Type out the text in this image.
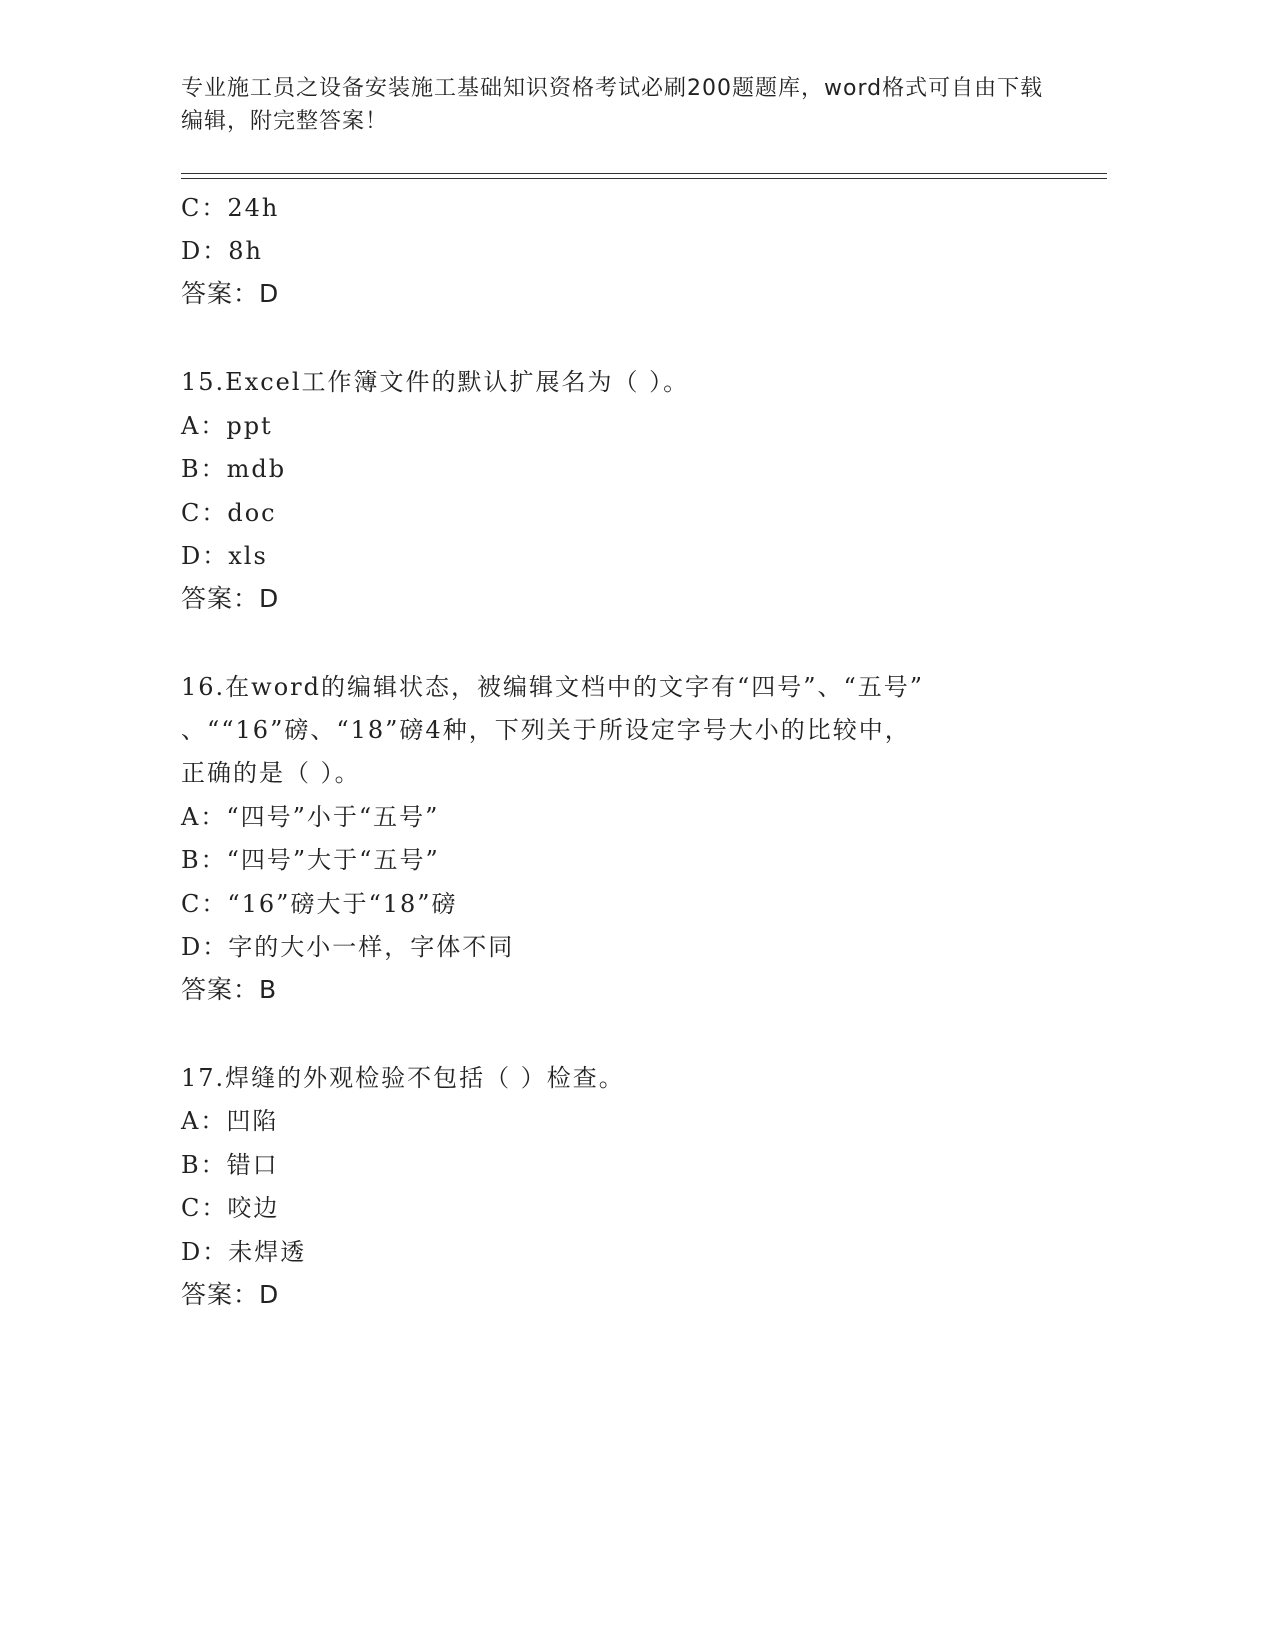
专业施工员之设备安装施工基础知识资格考试必刷200题题库，word格式可自由下载编辑，附完整答案！
C：24h
D：8h
答案：D
15.Excel工作簿文件的默认扩展名为（ ）。
A：ppt
B：mdb
C：doc
D：xls
答案：D
16.在word的编辑状态，被编辑文档中的文字有“四号”、“五号”
、““16”磅、“18”磅4种，下列关于所设定字号大小的比较中，
正确的是（ ）。
A：“四号”小于“五号”
B：“四号”大于“五号”
C：“16”磅大于“18”磅
D：字的大小一样，字体不同
答案：B
17.焊缝的外观检验不包括（ ）检查。
A：凹陷
B：错口
C：咬边
D：未焊透
答案：D
